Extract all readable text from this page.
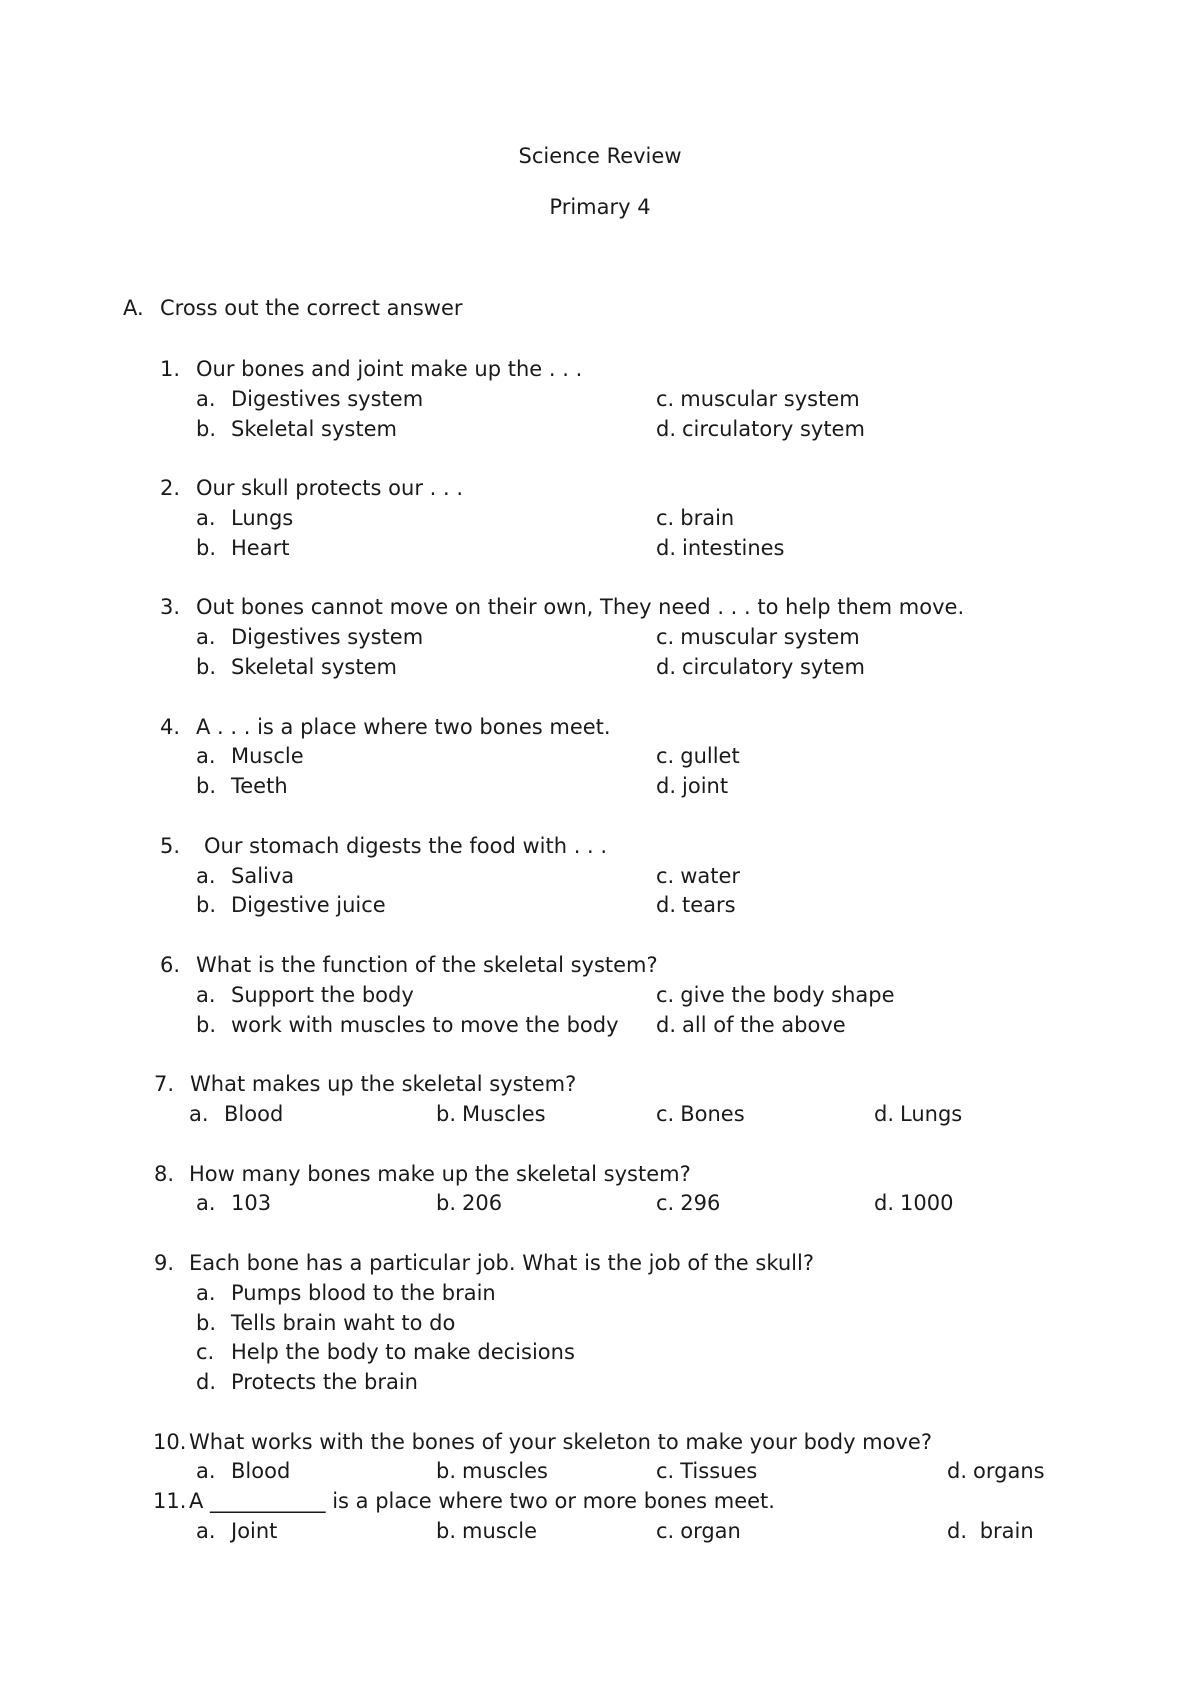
Science Review
Primary 4
A. Cross out the correct answer
1. Our bones and joint make up the . . .
a. Digestives system	c. muscular system
b. Skeletal system	d. circulatory sytem
2. Our skull protects our . . .
a. Lungs	c. brain
b. Heart	d. intestines
3. Out bones cannot move on their own, They need . . . to help them move.
a. Digestives system	c. muscular system
b. Skeletal system	d. circulatory sytem
4. A . . . is a place where two bones meet.
a. Muscle	c. gullet
b. Teeth	d. joint
5. Our stomach digests the food with . . .
a. Saliva	c. water
b. Digestive juice	d. tears
6. What is the function of the skeletal system?
a. Support the body	c. give the body shape
b. work with muscles to move the body d. all of the above
7. What makes up the skeletal system?
a. Blood	b. Muscles	c. Bones	d. Lungs
8. How many bones make up the skeletal system?
a. 103	b. 206	c. 296	d. 1000
9. Each bone has a particular job. What is the job of the skull?
a. Pumps blood to the brain
b. Tells brain waht to do
c. Help the body to make decisions
d. Protects the brain
10. What works with the bones of your skeleton to make your body move?
a. Blood	b. muscles	c. Tissues	d. organs
11. A ___________ is a place where two or more bones meet.
a. Joint	b. muscle	c. organ	d. brain
